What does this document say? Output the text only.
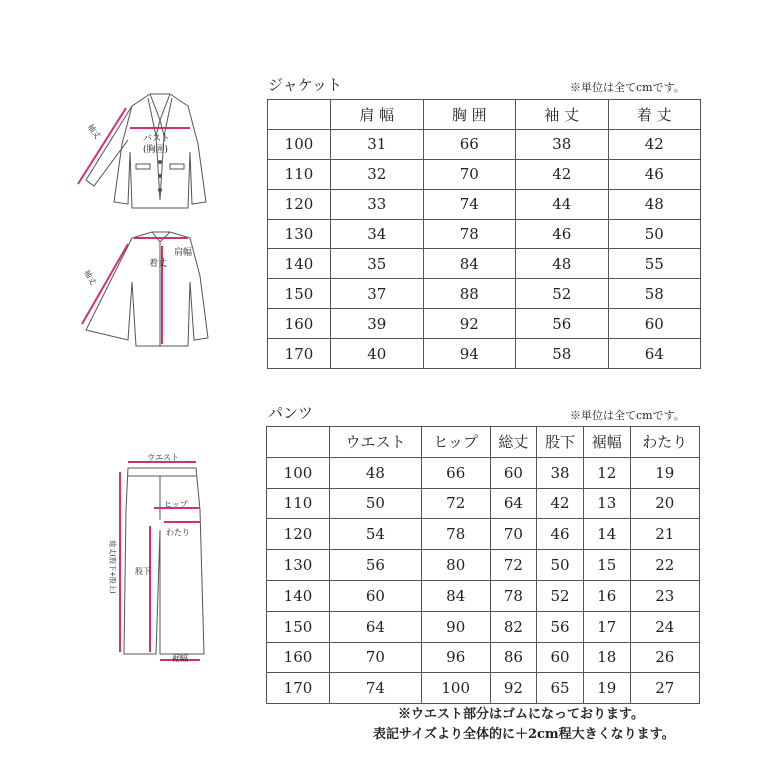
ジャケット	※単位は全てcmです。
	肩 幅	胸 囲	袖 丈	着 丈
100	31	66	38	42
110	32	70	42	46
120	33	74	44	48
130	34	78	46	50
140	35	84	48	55
150	37	88	52	58
160	39	92	56	60
170	40	94	58	64
バスト
(胸囲)
袖丈
肩幅
着丈
袖丈
パンツ	※単位は全てcmです。
	ウエスト	ヒップ	総丈	股下	裾幅	わたり
100	48	66	60	38	12	19
110	50	72	64	42	13	20
120	54	78	70	46	14	21
130	56	80	72	50	15	22
140	60	84	78	52	16	23
150	64	90	82	56	17	24
160	70	96	86	60	18	26
170	74	100	92	65	19	27
ウエスト
ヒップ
わたり
総丈(股下+股上) 股下
裾幅
※ウエスト部分はゴムになっております。
表記サイズより全体的に＋2cm程大きくなります。
